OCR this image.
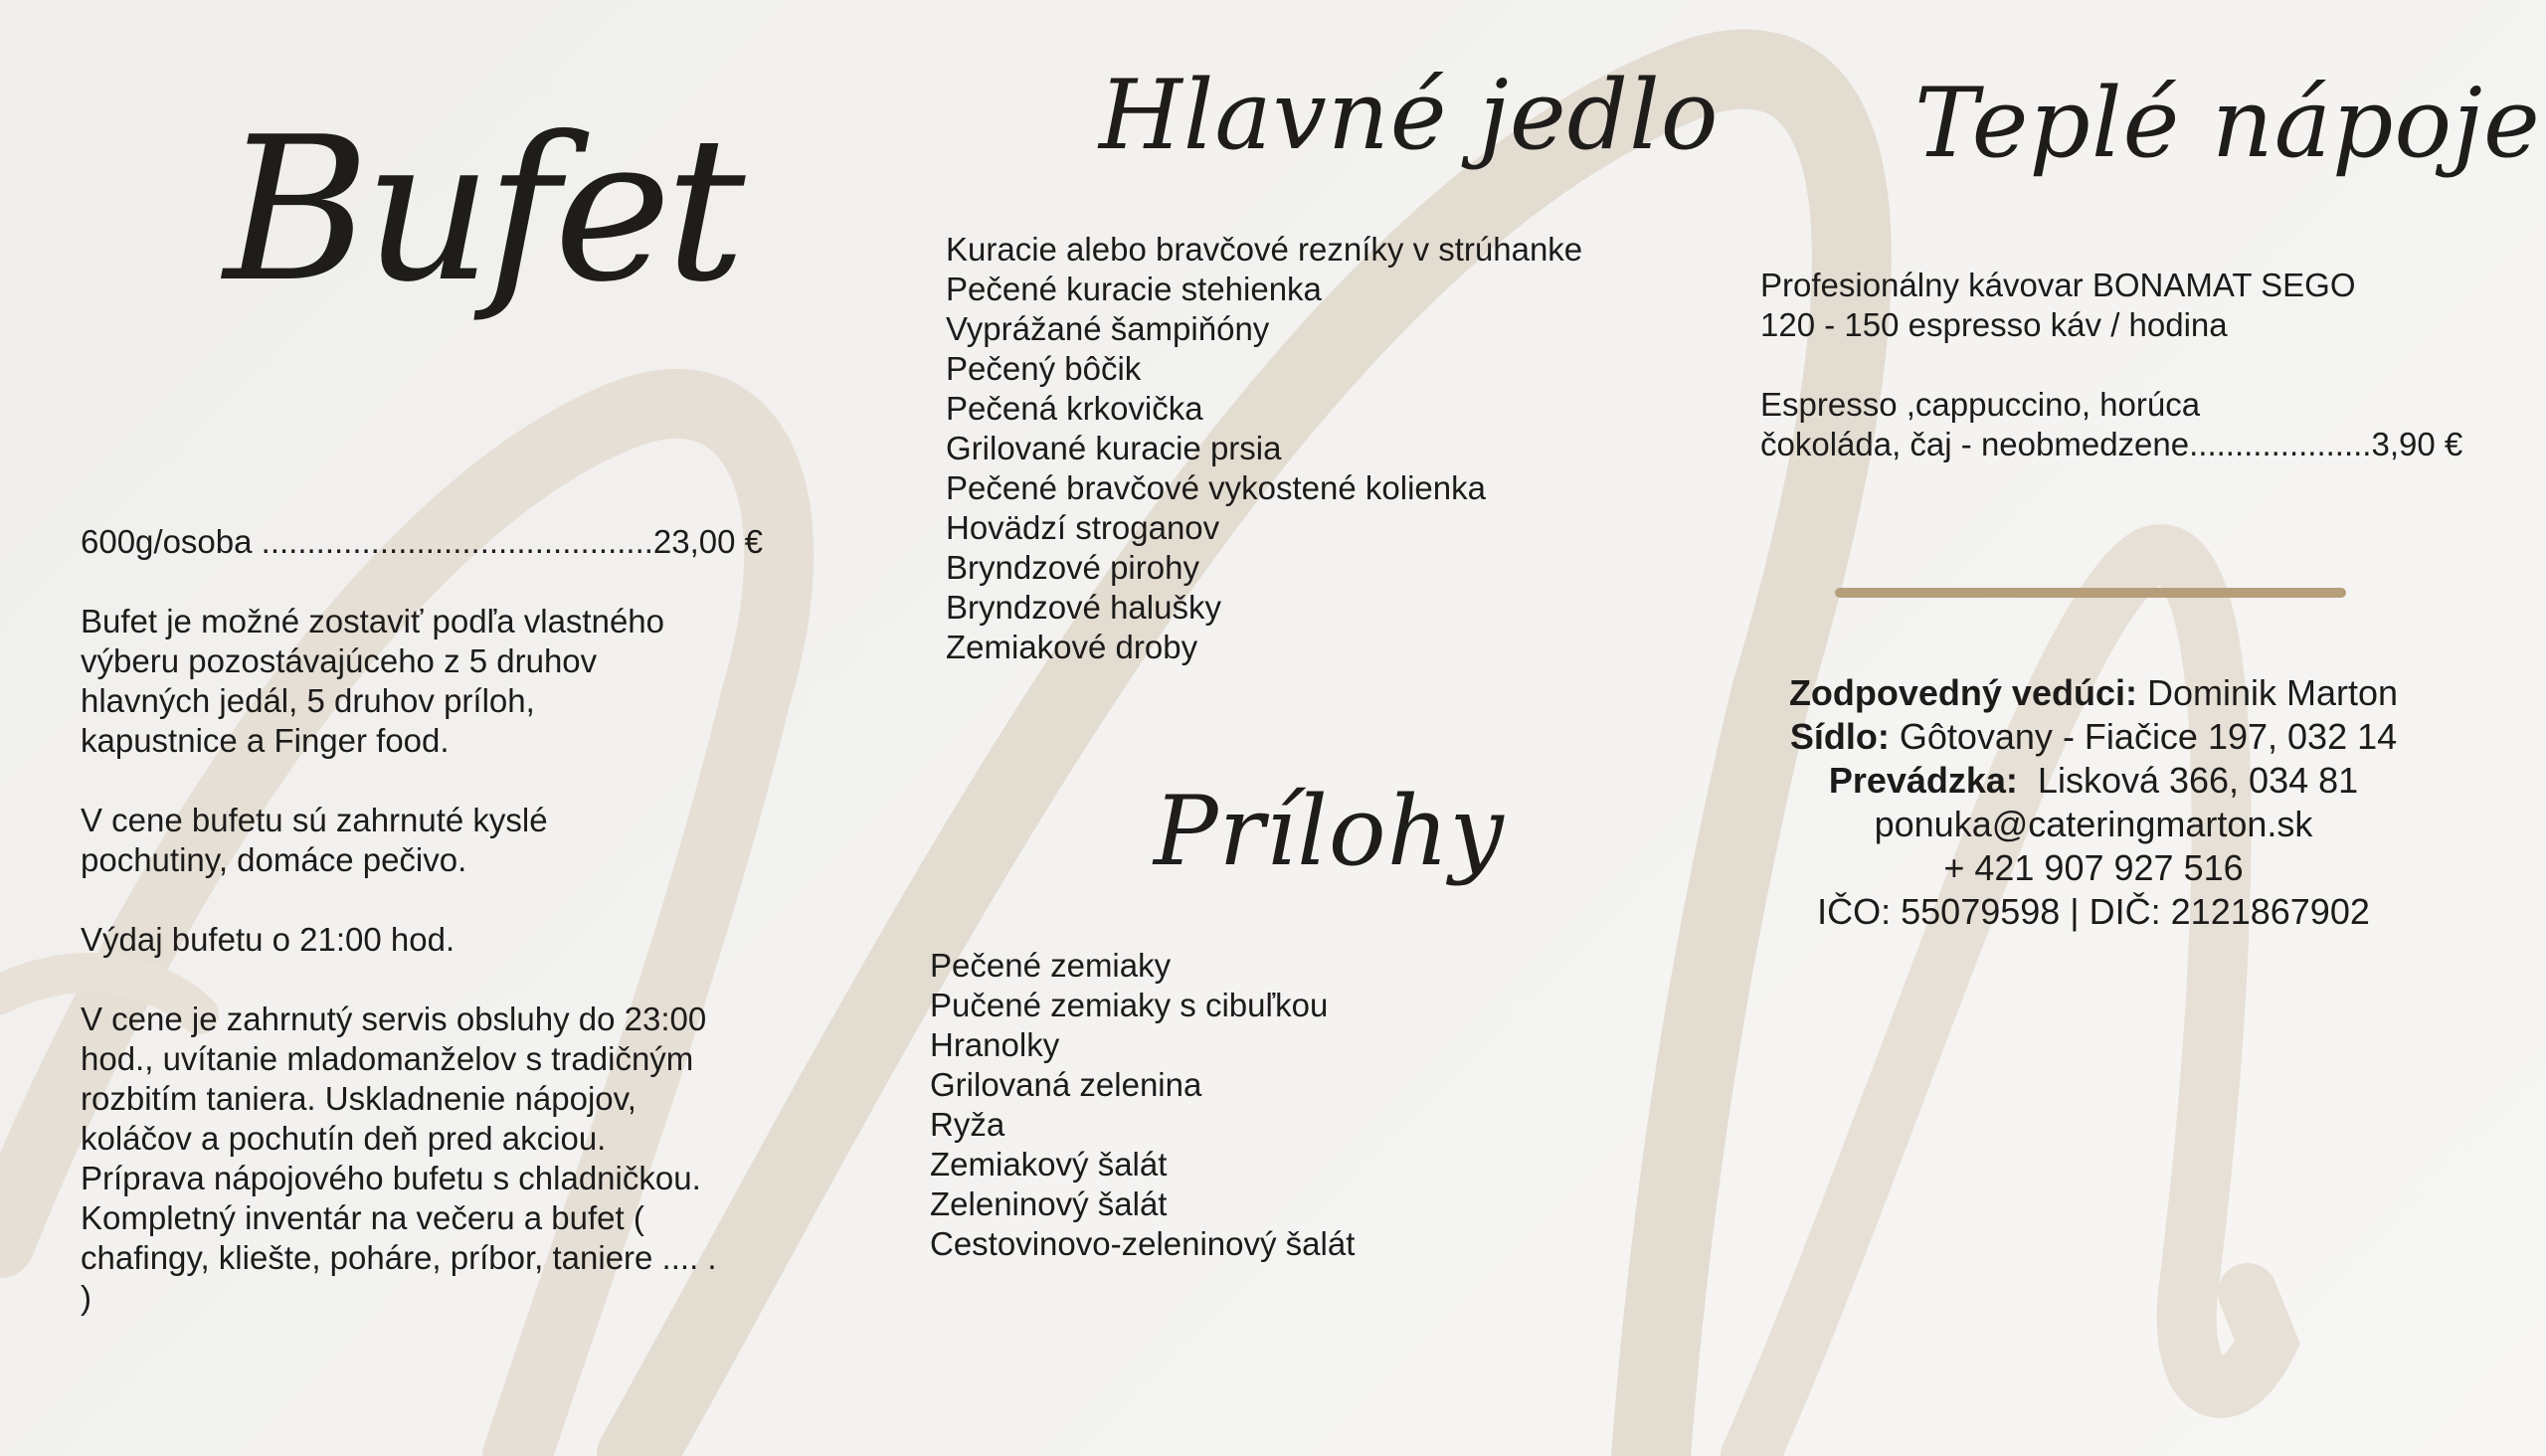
Bufet

600g/osoba ...........................................23,00 €

Bufet je možné zostaviť podľa vlastného výberu pozostávajúceho z 5 druhov hlavných jedál, 5 druhov príloh, kapustnice a Finger food.

V cene bufetu sú zahrnuté kyslé pochutiny, domáce pečivo.

Výdaj bufetu o 21:00 hod.

V cene je zahrnutý servis obsluhy do 23:00 hod., uvítanie mladomanželov s tradičným rozbitím taniera. Uskladnenie nápojov, koláčov a pochutín deň pred akciou. Príprava nápojového bufetu s chladničkou. Kompletný inventár na večeru a bufet ( chafingy, kliešte, poháre, príbor, taniere .... . )

Hlavné jedlo
Kuracie alebo bravčové rezníky v strúhanke
Pečené kuracie stehienka
Vyprážané šampiňóny
Pečený bôčik
Pečená krkovička
Grilované kuracie prsia
Pečené bravčové vykostené kolienka
Hovädzí stroganov
Bryndzové pirohy
Bryndzové halušky
Zemiakové droby
Prílohy
Pečené zemiaky
Pučené zemiaky s cibuľkou
Hranolky
Grilovaná zelenina
Ryža
Zemiakový šalát
Zeleninový šalát
Cestovinovo-zeleninový šalát
Teplé nápoje

Profesionálny kávovar BONAMAT SEGO

120 - 150 espresso káv / hodina

Espresso ,cappuccino, horúca

čokoláda, čaj - neobmedzene....................3,90 €

Zodpovedný vedúci: Dominik Marton
Sídlo: Gôtovany - Fiačice 197, 032 14
Prevádzka:  Lisková 366, 034 81
ponuka@cateringmarton.sk
+ 421 907 927 516
IČO: 55079598 | DIČ: 2121867902
